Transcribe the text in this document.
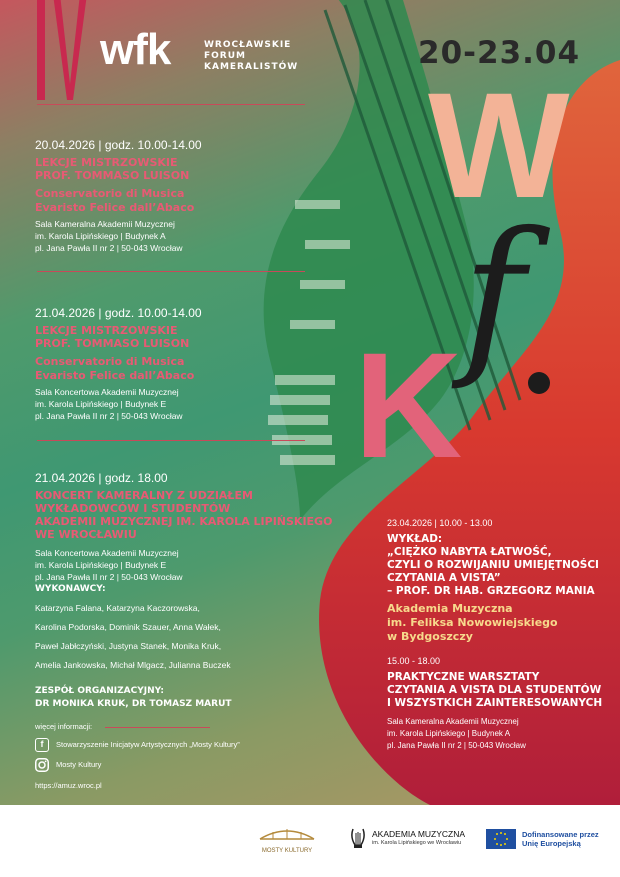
wfk	WROCŁAWSKIE
FORUM
KAMERALISTÓW	20-23.04
W
f
K
20.04.2026 | godz. 10.00-14.00
LEKCJE MISTRZOWSKIE
PROF. TOMMASO LUISON
Conservatorio di Musica
Evaristo Felice dall’Abaco
Sala Kameralna Akademii Muzycznej
im. Karola Lipińskiego | Budynek A
pl. Jana Pawła II nr 2 | 50-043 Wrocław
21.04.2026 | godz. 10.00-14.00
LEKCJE MISTRZOWSKIE
PROF. TOMMASO LUISON
Conservatorio di Musica
Evaristo Felice dall’Abaco
Sala Koncertowa Akademii Muzycznej
im. Karola Lipińskiego | Budynek E
pl. Jana Pawła II nr 2 | 50-043 Wrocław
21.04.2026 | godz. 18.00
KONCERT KAMERALNY Z UDZIAŁEM
WYKŁADOWCÓW I STUDENTÓW
AKADEMII MUZYCZNEJ IM. KAROLA LIPIŃSKIEGO
WE WROCŁAWIU
Sala Koncertowa Akademii Muzycznej
im. Karola Lipińskiego | Budynek E
pl. Jana Pawła II nr 2 | 50-043 Wrocław
WYKONAWCY:
Katarzyna Falana, Katarzyna Kaczorowska,
Karolina Podorska, Dominik Szauer, Anna Wałek,
Paweł Jabłczyński, Justyna Stanek, Monika Kruk,
Amelia Jankowska, Michał Mlgacz, Julianna Buczek
ZESPÓŁ ORGANIZACYJNY:
DR MONIKA KRUK, DR TOMASZ MARUT
więcej informacji:
f	Stowarzyszenie Inicjatyw Artystycznych „Mosty Kultury”
Mosty Kultury
https://amuz.wroc.pl
23.04.2026 | 10.00 - 13.00
WYKŁAD:
„CIĘŻKO NABYTA ŁATWOŚĆ,
CZYLI O ROZWIJANIU UMIEJĘTNOŚCI
CZYTANIA A VISTA”
– PROF. DR HAB. GRZEGORZ MANIA
Akademia Muzyczna
im. Feliksa Nowowiejskiego
w Bydgoszczy
15.00 - 18.00
PRAKTYCZNE WARSZTATY
CZYTANIA A VISTA DLA STUDENTÓW
I WSZYSTKICH ZAINTERESOWANYCH
Sala Kameralna Akademii Muzycznej
im. Karola Lipińskiego | Budynek A
pl. Jana Pawła II nr 2 | 50-043 Wrocław
MOSTY KULTURY
AKADEMIA MUZYCZNA
im. Karola Lipińskiego we Wrocławiu
Dofinansowane przez
Unię Europejską
